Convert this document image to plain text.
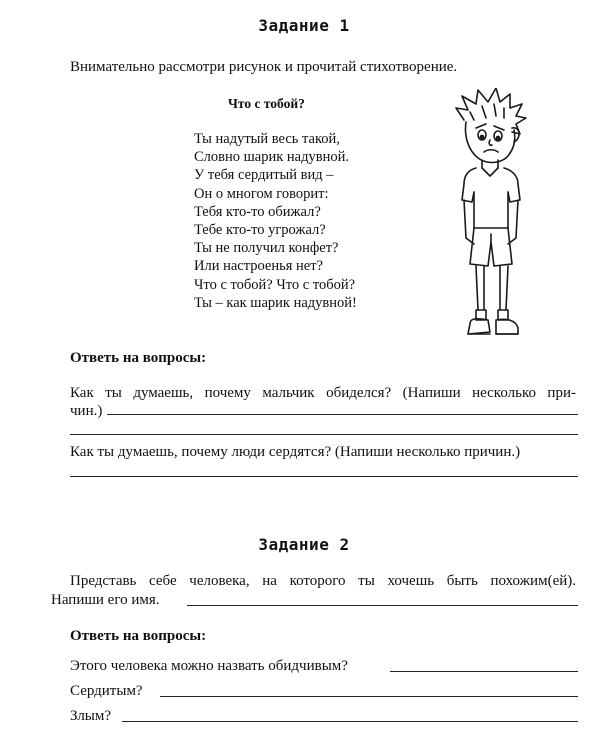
Задание 1
Внимательно рассмотри рисунок и прочитай стихотворение.
Что с тобой?
Ты надутый весь такой,
Словно шарик надувной.
У тебя сердитый вид –
Он о многом говорит:
Тебя кто-то обижал?
Тебе кто-то угрожал?
Ты не получил конфет?
Или настроенья нет?
Что с тобой? Что с тобой?
Ты – как шарик надувной!
Ответь на вопросы:
Как ты думаешь, почему мальчик обиделся? (Напиши несколько при-
чин.)
Как ты думаешь, почему люди сердятся? (Напиши несколько причин.)
Задание 2
Представь себе человека, на которого ты хочешь быть похожим(ей).
Напиши его имя.
Ответь на вопросы:
Этого человека можно назвать обидчивым?
Сердитым?
Злым?
